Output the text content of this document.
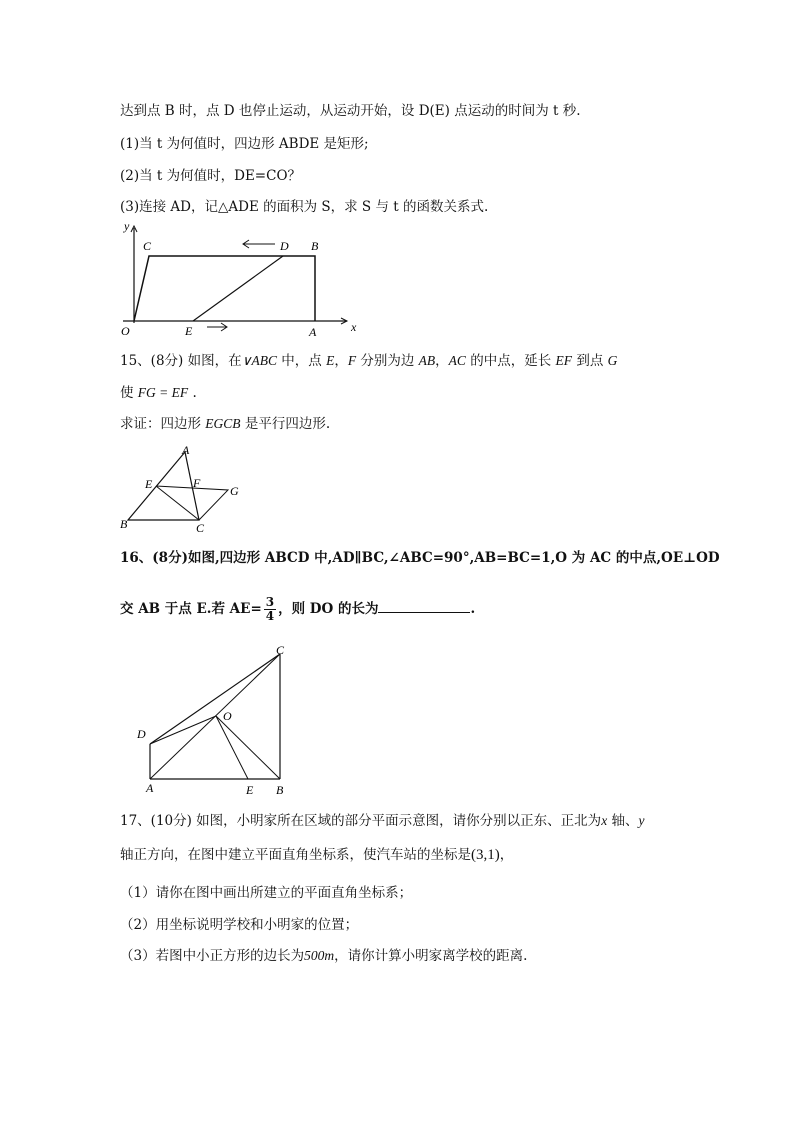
达到点 B 时，点 D 也停止运动，从运动开始，设 D(E) 点运动的时间为 t 秒.
(1)当 t 为何值时，四边形 ABDE 是矩形;
(2)当 t 为何值时，DE=CO？
(3)连接 AD，记△ADE 的面积为 S，求 S 与 t 的函数关系式.
y
x
C	D B
O	E	A
15、(8分) 如图，在∨ABC 中，点 E，F 分别为边 AB，AC 的中点，延长 EF 到点 G
使 FG = EF .
求证：四边形 EGCB 是平行四边形.
A
E	F
G
B	C
16、(8分)如图,四边形 ABCD 中,AD∥BC,∠ABC=90°,AB=BC=1,O 为 AC 的中点,OE⊥OD
交 AB 于点 E.若 $AE= \frac{3}{4}$ ，则 DO 的长为	.
C
D
O
A	E B
17、(10分) 如图，小明家所在区域的部分平面示意图，请你分别以正东、正北为x 轴、y
轴正方向，在图中建立平面直角坐标系，使汽车站的坐标是(3,1)，
（1）请你在图中画出所建立的平面直角坐标系；
（2）用坐标说明学校和小明家的位置；
（3）若图中小正方形的边长为500m，请你计算小明家离学校的距离.
